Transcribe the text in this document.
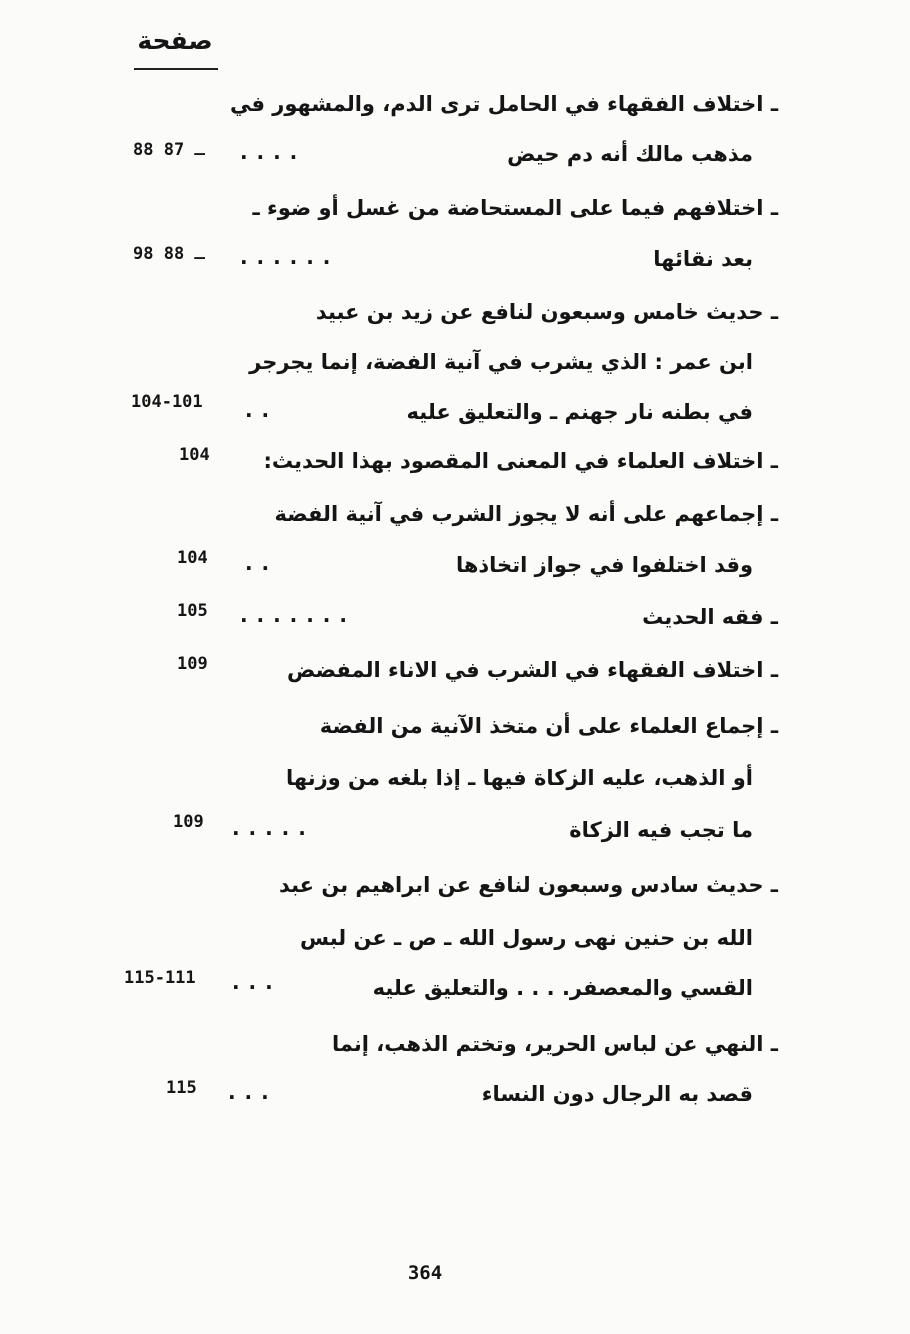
صفحة
ـ اختلاف الفقهاء في الحامل ترى الدم، والمشهور في
مذهب مالك أنه دم حيض
. . . .
88 ـ 87
ـ اختلافهم فيما على المستحاضة من غسل أو ضوء ـ
بعد نقائها
. . . . . .
98 ـ 88
ـ حديث خامس وسبعون لنافع عن زيد بن عبيد
ابن عمر : الذي يشرب في آنية الفضة، إنما يجرجر
في بطنه نار جهنم ـ والتعليق عليه
. .
104-101
ـ اختلاف العلماء في المعنى المقصود بهذا الحديث:
104
ـ إجماعهم على أنه لا يجوز الشرب في آنية الفضة
وقد اختلفوا في جواز اتخاذها
. .
104
ـ فقه الحديث
. . . . . . .
105
ـ اختلاف الفقهاء في الشرب في الاناء المفضض
109
ـ إجماع العلماء على أن متخذ الآنية من الفضة
أو الذهب، عليه الزكاة فيها ـ إذا بلغه من وزنها
ما تجب فيه الزكاة
. . . . .
109
ـ حديث سادس وسبعون لنافع عن ابراهيم بن عبد
الله بن حنين نهى رسول الله ـ ص ـ عن لبس
القسي والمعصفر. . . . والتعليق عليه
. . .
115-111
ـ النهي عن لباس الحرير، وتختم الذهب، إنما
قصد به الرجال دون النساء
. . .
115
364
